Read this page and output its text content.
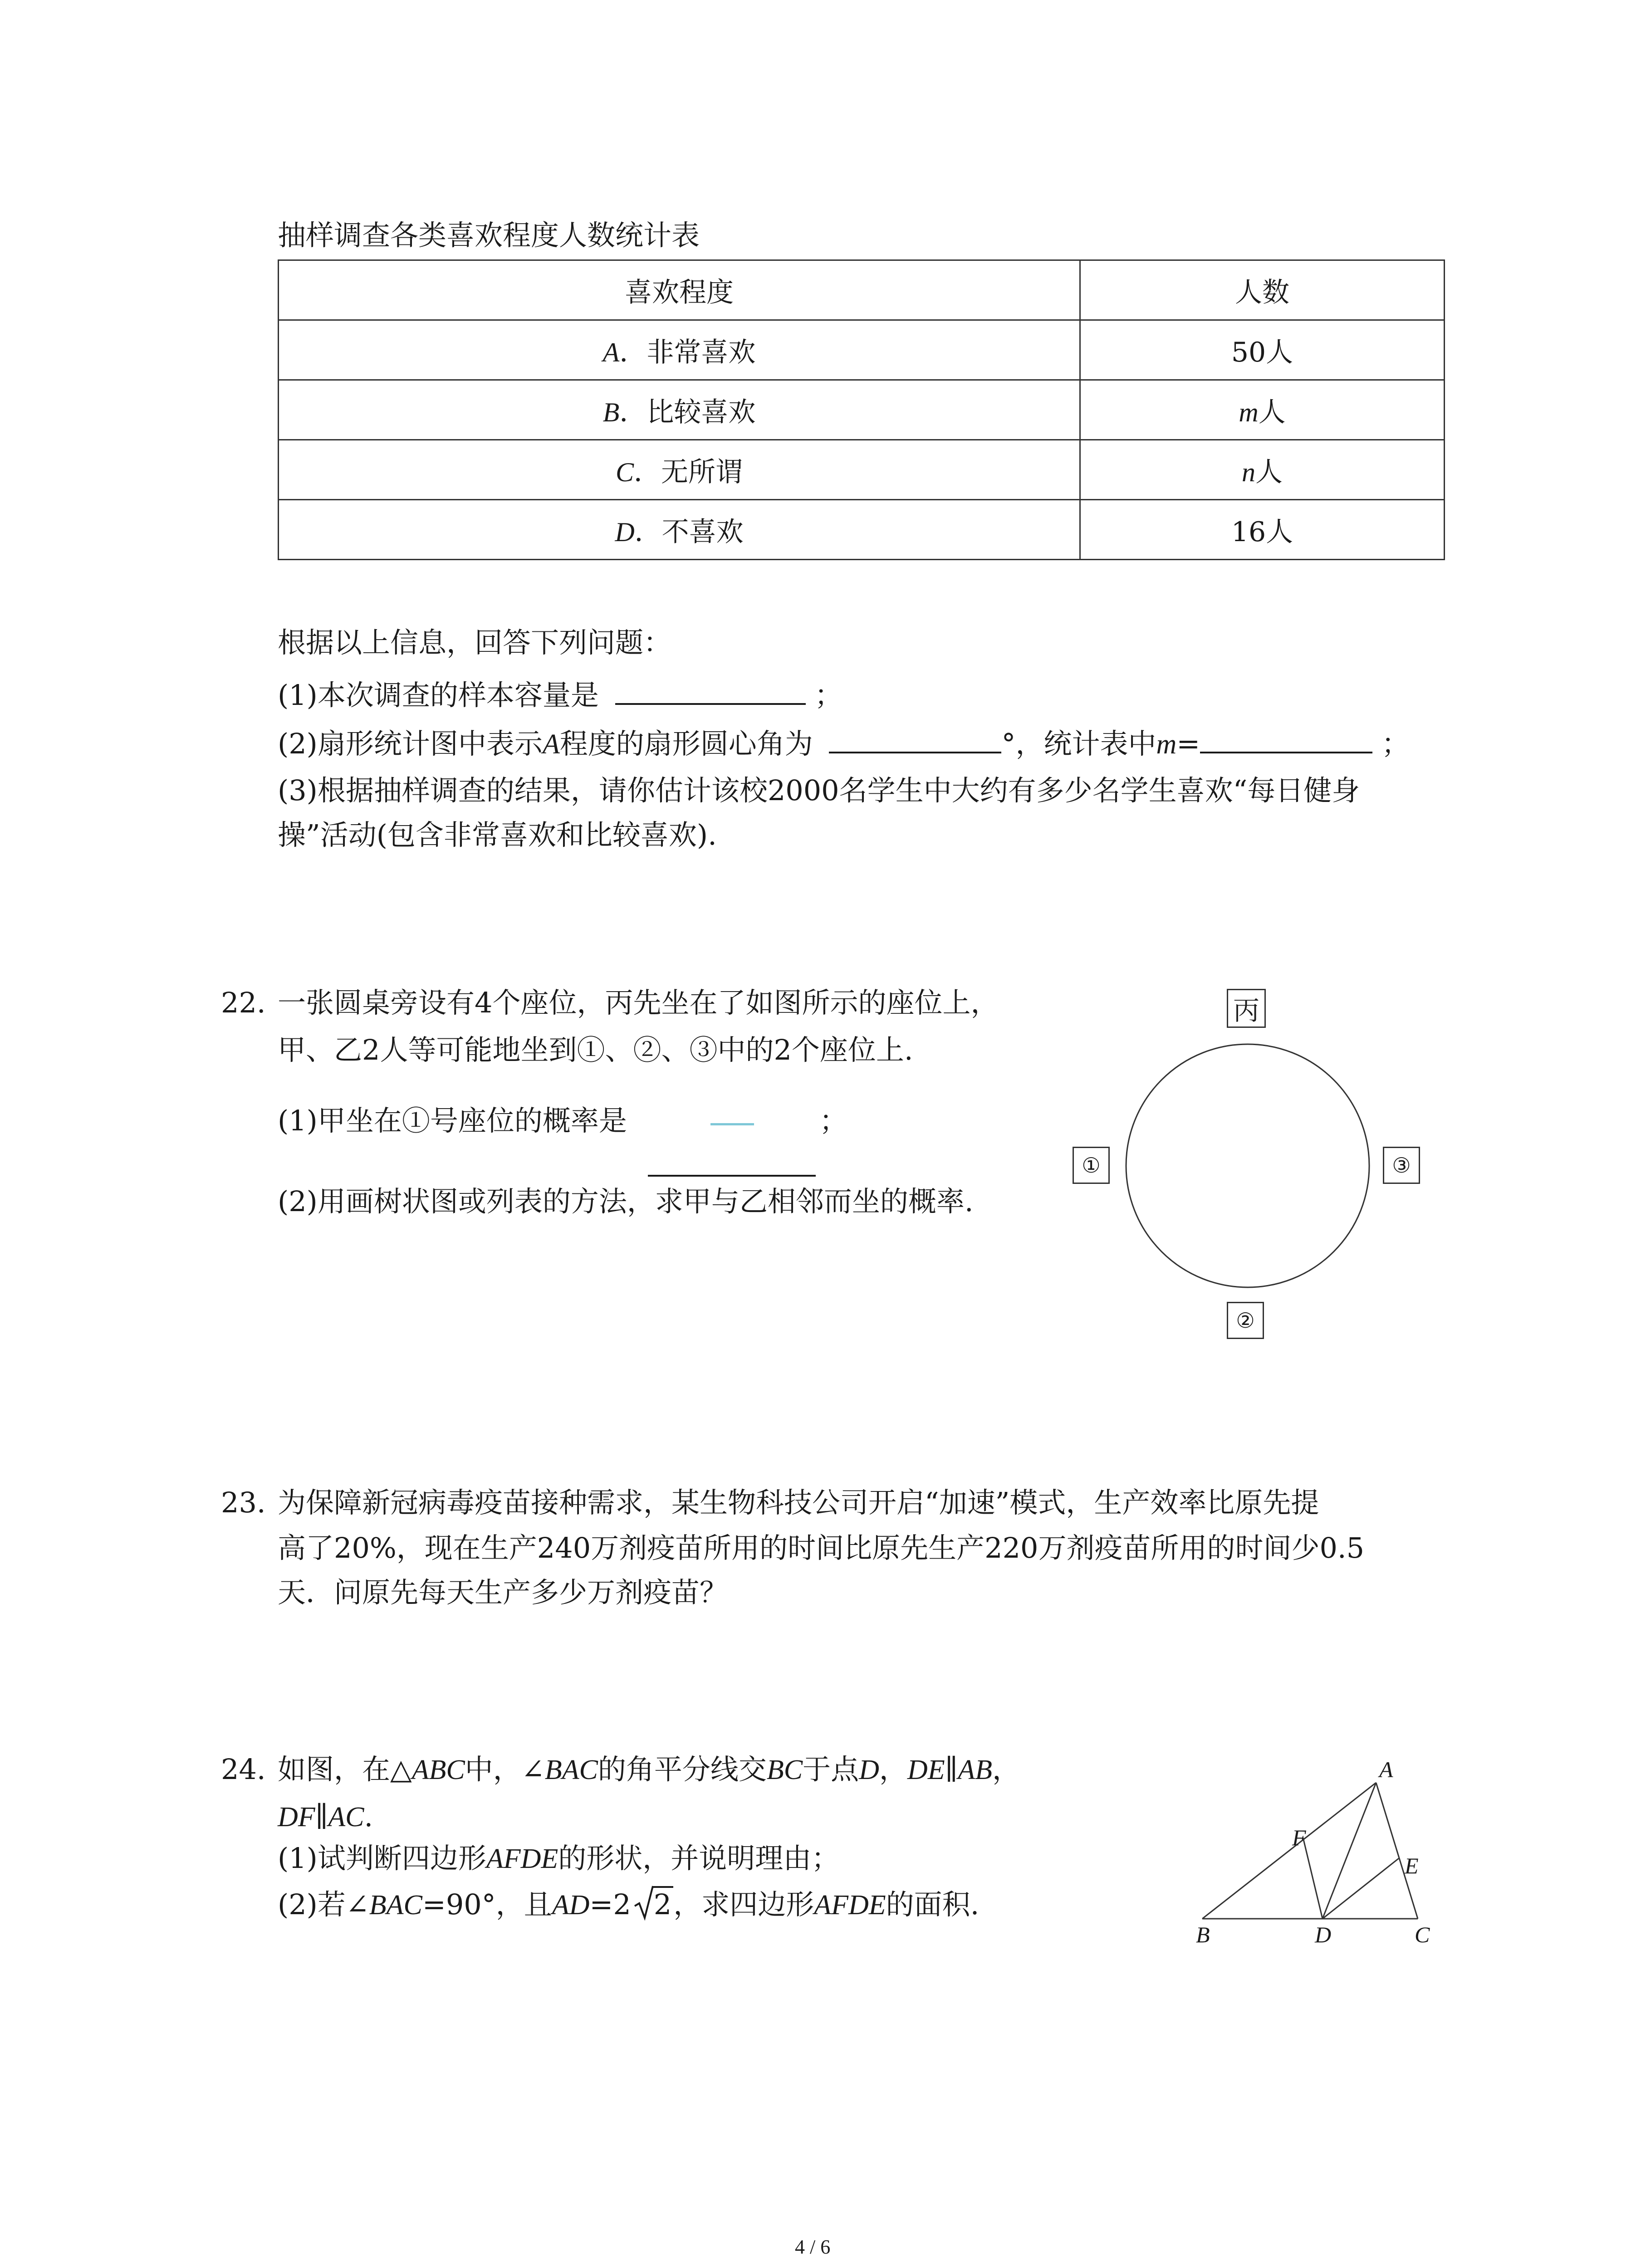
抽样调查各类喜欢程度人数统计表
喜欢程度	人数
A．非常喜欢	50人
B．比较喜欢	m人
C．无所谓	n人
D．不喜欢	16人
根据以上信息，回答下列问题：
(1)本次调查的样本容量是	；
(2)扇形统计图中表示A程度的扇形圆心角为	°，统计表中m=	；
(3)根据抽样调查的结果，请你估计该校2000名学生中大约有多少名学生喜欢“每日健身
操”活动(包含非常喜欢和比较喜欢).
22. 一张圆桌旁设有4个座位，丙先坐在了如图所示的座位上，
甲、乙2人等可能地坐到①、②、③中的2个座位上.
(1)甲坐在①号座位的概率是	；
(2)用画树状图或列表的方法，求甲与乙相邻而坐的概率.
丙
①	③
②
23. 为保障新冠病毒疫苗接种需求，某生物科技公司开启“加速”模式，生产效率比原先提
高了20%，现在生产240万剂疫苗所用的时间比原先生产220万剂疫苗所用的时间少0.5
天．问原先每天生产多少万剂疫苗？
24. 如图，在△ABC中，∠BAC的角平分线交BC于点D，DE∥AB，
DF∥AC.
(1)试判断四边形AFDE的形状，并说明理由；
(2)若∠BAC=90°，且AD=2 2，求四边形AFDE的面积.
A
F
E
B	D	C
4 / 6
